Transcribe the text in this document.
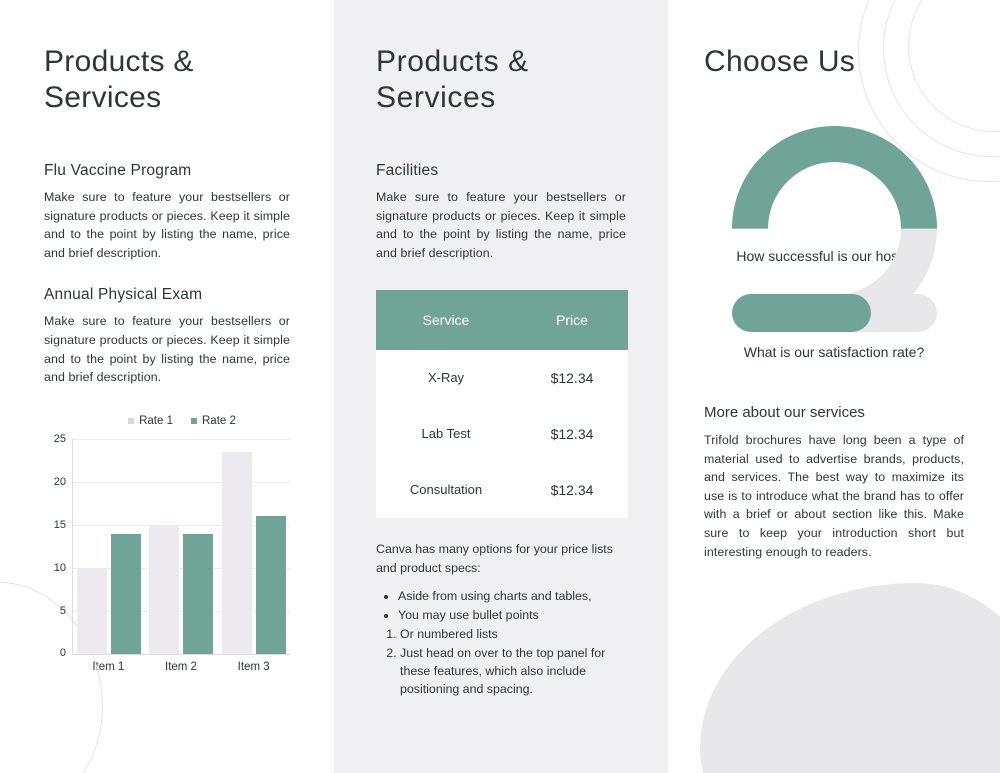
Products & Services
Flu Vaccine Program

Make sure to feature your bestsellers or signature products or pieces. Keep it simple and to the point by listing the name, price and brief description.

Annual Physical Exam

Make sure to feature your bestsellers or signature products or pieces. Keep it simple and to the point by listing the name, price and brief description.

Rate 1	Rate 2
25
20
15
10
5
0
Item 1	Item 2	Item 3
Products & Services
Facilities

Make sure to feature your bestsellers or signature products or pieces. Keep it simple and to the point by listing the name, price and brief description.

Service	Price
X-Ray	$12.34
Lab Test	$12.34
Consultation	$12.34

Canva has many options for your price lists and product specs:

• Aside from using charts and tables,
• You may use bullet points
1. Or numbered lists
2. Just head on over to the top panel for these features, which also include positioning and spacing.
Choose Us
How successful is our hospital?
What is our satisfaction rate?
More about our services

Trifold brochures have long been a type of material used to advertise brands, products, and services. The best way to maximize its use is to introduce what the brand has to offer with a brief or about section like this. Make sure to keep your introduction short but interesting enough to readers.
